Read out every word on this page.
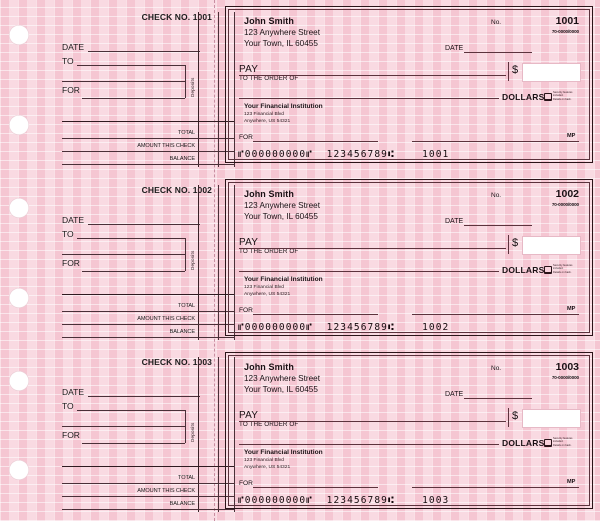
CHECK NO. 1001
DATE
TO
FOR	Deposits
TOTAL
AMOUNT THIS CHECK
BALANCE
John Smith
123 Anywhere Street
Your Town, IL 60455
No.	1001
70-0000/0000
DATE
PAY
TO THE ORDER OF
$
DOLLARS	Security features
included.
Details on back.
Your Financial Institution
123 Financial Blvd
Anywhere, US 54321
FOR	MP
⑈000000000⑈ 123456789⑆	1001
CHECK NO. 1002
DATE
TO
FOR	Deposits
TOTAL
AMOUNT THIS CHECK
BALANCE
John Smith
123 Anywhere Street
Your Town, IL 60455
No.	1002
70-0000/0000
DATE
PAY
TO THE ORDER OF
$
DOLLARS	Security features
included.
Details on back.
Your Financial Institution
123 Financial Blvd
Anywhere, US 54321
FOR	MP
⑈000000000⑈ 123456789⑆	1002
CHECK NO. 1003
DATE
TO
FOR	Deposits
TOTAL
AMOUNT THIS CHECK
BALANCE
John Smith
123 Anywhere Street
Your Town, IL 60455
No.	1003
70-0000/0000
DATE
PAY
TO THE ORDER OF
$
DOLLARS	Security features
included.
Details on back.
Your Financial Institution
123 Financial Blvd
Anywhere, US 54321
FOR	MP
⑈000000000⑈ 123456789⑆	1003
